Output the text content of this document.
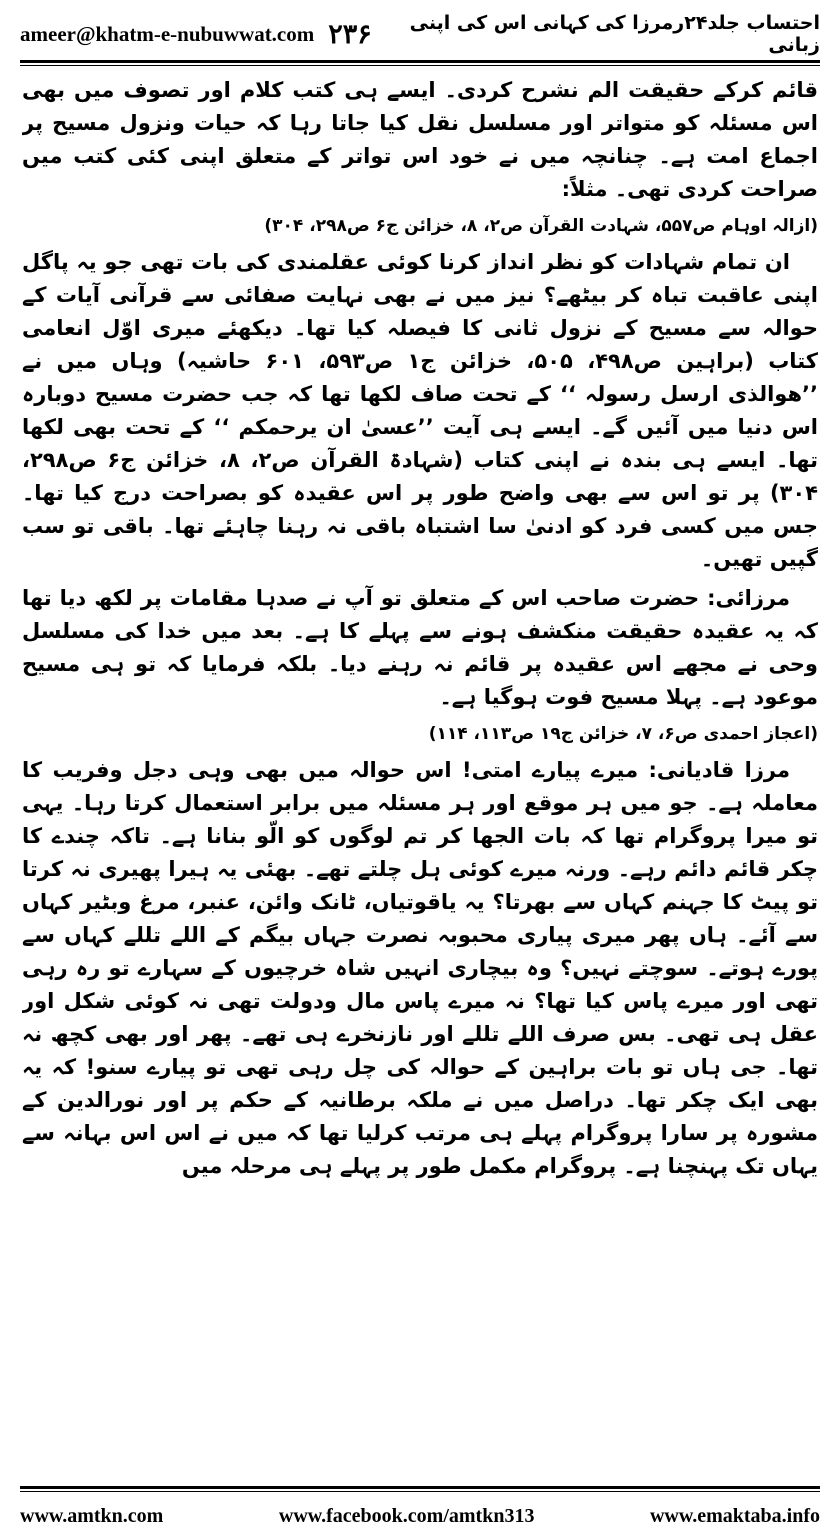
ameer@khatm-e-nubuwwat.com ۲۳۶	احتساب جلد۲۴رمرزا کی کہانی اس کی اپنی زبانی

قائم کرکے حقیقت الم نشرح کردی۔ ایسے ہی کتب کلام اور تصوف میں بھی اس مسئلہ کو متواتر اور مسلسل نقل کیا جاتا رہا کہ حیات ونزول مسیح پر اجماع امت ہے۔ چنانچہ میں نے خود اس تواتر کے متعلق اپنی کئی کتب میں صراحت کردی تھی۔ مثلاً:

(ازالہ اوہام ص۵۵۷، شہادت القرآن ص۲، ۸، خزائن ج۶ ص۲۹۸، ۳۰۴)

ان تمام شہادات کو نظر انداز کرنا کوئی عقلمندی کی بات تھی جو یہ پاگل اپنی عاقبت تباہ کر بیٹھے؟ نیز میں نے بھی نہایت صفائی سے قرآنی آیات کے حوالہ سے مسیح کے نزول ثانی کا فیصلہ کیا تھا۔ دیکھئے میری اوّل انعامی کتاب (براہین ص۴۹۸، ۵۰۵، خزائن ج۱ ص۵۹۳، ۶۰۱ حاشیہ) وہاں میں نے ’’ھوالذی ارسل رسولہ ‘‘ کے تحت صاف لکھا تھا کہ جب حضرت مسیح دوبارہ اس دنیا میں آئیں گے۔ ایسے ہی آیت ’’عسیٰ ان یرحمکم ‘‘ کے تحت بھی لکھا تھا۔ ایسے ہی بندہ نے اپنی کتاب (شہادۃ القرآن ص۲، ۸، خزائن ج۶ ص۲۹۸، ۳۰۴) پر تو اس سے بھی واضح طور پر اس عقیدہ کو بصراحت درج کیا تھا۔ جس میں کسی فرد کو ادنیٰ سا اشتباہ باقی نہ رہنا چاہئے تھا۔ باقی تو سب گپیں تھیں۔

مرزائی: حضرت صاحب اس کے متعلق تو آپ نے صدہا مقامات پر لکھ دیا تھا کہ یہ عقیدہ حقیقت منکشف ہونے سے پہلے کا ہے۔ بعد میں خدا کی مسلسل وحی نے مجھے اس عقیدہ پر قائم نہ رہنے دیا۔ بلکہ فرمایا کہ تو ہی مسیح موعود ہے۔ پہلا مسیح فوت ہوگیا ہے۔

(اعجاز احمدی ص۶، ۷، خزائن ج۱۹ ص۱۱۳، ۱۱۴)

مرزا قادیانی: میرے پیارے امتی! اس حوالہ میں بھی وہی دجل وفریب کا معاملہ ہے۔ جو میں ہر موقع اور ہر مسئلہ میں برابر استعمال کرتا رہا۔ یہی تو میرا پروگرام تھا کہ بات الجھا کر تم لوگوں کو الّو بنانا ہے۔ تاکہ چندے کا چکر قائم دائم رہے۔ ورنہ میرے کوئی ہل چلتے تھے۔ بھئی یہ ہیرا پھیری نہ کرتا تو پیٹ کا جہنم کہاں سے بھرتا؟ یہ یاقوتیاں، ٹانک وائن، عنبر، مرغ وبٹیر کہاں سے آئے۔ ہاں پھر میری پیاری محبوبہ نصرت جہاں بیگم کے اللے تللے کہاں سے پورے ہوتے۔ سوچتے نہیں؟ وہ بیچاری انہیں شاہ خرچیوں کے سہارے تو رہ رہی تھی اور میرے پاس کیا تھا؟ نہ میرے پاس مال ودولت تھی نہ کوئی شکل اور عقل ہی تھی۔ بس صرف اللے تللے اور نازنخرے ہی تھے۔ پھر اور بھی کچھ نہ تھا۔ جی ہاں تو بات براہین کے حوالہ کی چل رہی تھی تو پیارے سنو! کہ یہ بھی ایک چکر تھا۔ دراصل میں نے ملکہ برطانیہ کے حکم پر اور نورالدین کے مشورہ پر سارا پروگرام پہلے ہی مرتب کرلیا تھا کہ میں نے اس اس بہانہ سے یہاں تک پہنچنا ہے۔ پروگرام مکمل طور پر پہلے ہی مرحلہ میں

www.amtkn.com	www.facebook.com/amtkn313	www.emaktaba.info
